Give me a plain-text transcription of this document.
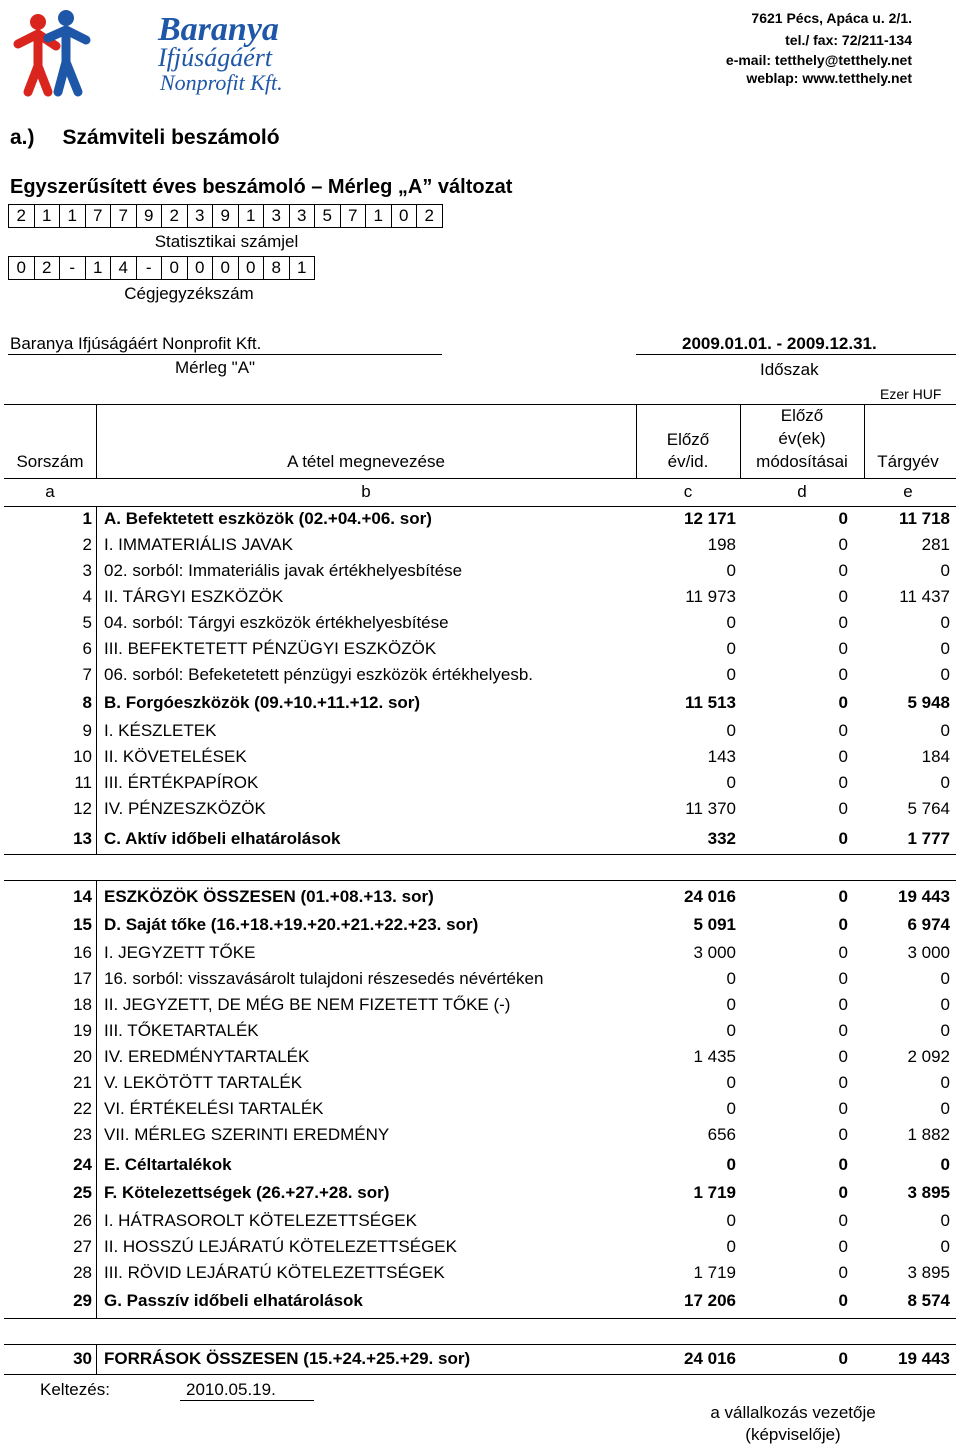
Baranya
Ifjúságáért
Nonprofit Kft.
7621 Pécs, Apáca u. 2/1.
tel./ fax: 72/211-134
e-mail: tetthely@tetthely.net
weblap: www.tetthely.net
a.) Számviteli beszámoló
Egyszerűsített éves beszámoló – Mérleg „A” változat
2 1 1 7 7 9 2 3 9 1 3 3 5 7 1 0 2
Statisztikai számjel
0 2	-	1 4	-	0 0 0 0 8 1
Cégjegyzékszám
Baranya Ifjúságáért Nonprofit Kft.	2009.01.01. - 2009.12.31.
Mérleg "A"	Időszak
Ezer HUF
Sorszám	A tétel megnevezése
Előző
év/id.
Előző
év(ek)
módosításai	Tárgyév
a	b	c	d	e
1 A. Befektetett eszközök (02.+04.+06. sor)	12 171	0	11 718
2 I. IMMATERIÁLIS JAVAK	198	0	281
3 02. sorból: Immateriális javak értékhelyesbítése	0	0	0
4 II. TÁRGYI ESZKÖZÖK	11 973	0	11 437
5 04. sorból: Tárgyi eszközök értékhelyesbítése	0	0	0
6 III. BEFEKTETETT PÉNZÜGYI ESZKÖZÖK	0	0	0
7 06. sorból: Befeketetett pénzügyi eszközök értékhelyesb.	0	0	0
8 B. Forgóeszközök (09.+10.+11.+12. sor)	11 513	0	5 948
9 I. KÉSZLETEK	0	0	0
10 II. KÖVETELÉSEK	143	0	184
11 III. ÉRTÉKPAPÍROK	0	0	0
12 IV. PÉNZESZKÖZÖK	11 370	0	5 764
13 C. Aktív időbeli elhatárolások	332	0	1 777
14 ESZKÖZÖK ÖSSZESEN (01.+08.+13. sor)	24 016	0	19 443
15 D. Saját tőke (16.+18.+19.+20.+21.+22.+23. sor)	5 091	0	6 974
16 I. JEGYZETT TŐKE	3 000	0	3 000
17 16. sorból: visszavásárolt tulajdoni részesedés névértéken	0	0	0
18 II. JEGYZETT, DE MÉG BE NEM FIZETETT TŐKE (-)	0	0	0
19 III. TŐKETARTALÉK	0	0	0
20 IV. EREDMÉNYTARTALÉK	1 435	0	2 092
21 V. LEKÖTÖTT TARTALÉK	0	0	0
22 VI. ÉRTÉKELÉSI TARTALÉK	0	0	0
23 VII. MÉRLEG SZERINTI EREDMÉNY	656	0	1 882
24 E. Céltartalékok	0	0	0
25 F. Kötelezettségek (26.+27.+28. sor)	1 719	0	3 895
26 I. HÁTRASOROLT KÖTELEZETTSÉGEK	0	0	0
27 II. HOSSZÚ LEJÁRATÚ KÖTELEZETTSÉGEK	0	0	0
28 III. RÖVID LEJÁRATÚ KÖTELEZETTSÉGEK	1 719	0	3 895
29 G. Passzív időbeli elhatárolások	17 206	0	8 574
30 FORRÁSOK ÖSSZESEN (15.+24.+25.+29. sor)	24 016	0	19 443
Keltezés:	2010.05.19.
a vállalkozás vezetője
(képviselője)
